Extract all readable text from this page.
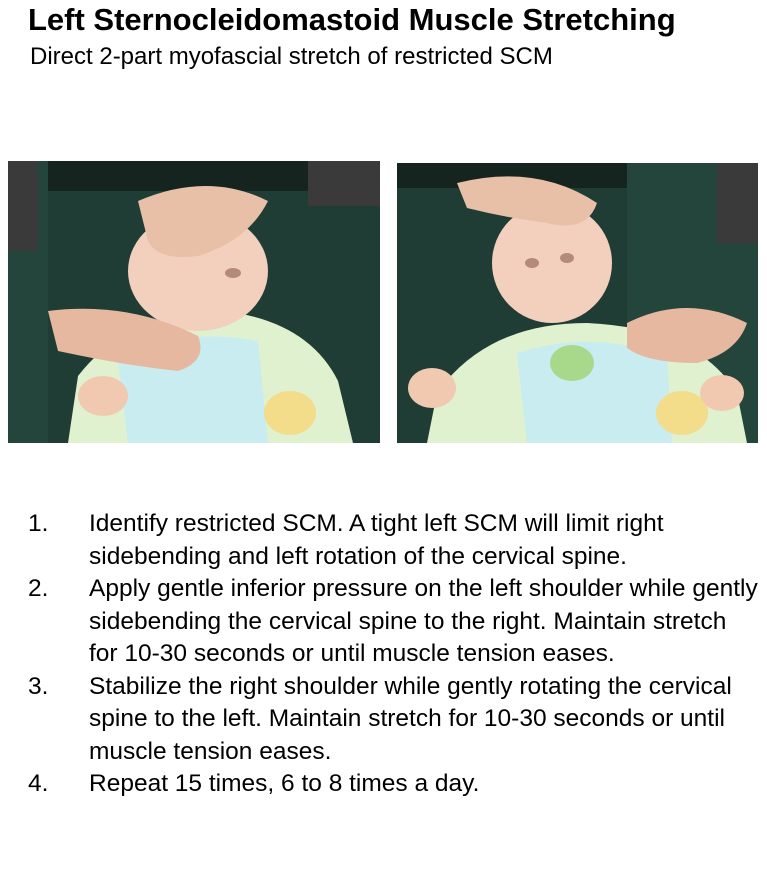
Left Sternocleidomastoid Muscle Stretching
Direct 2-part myofascial stretch of restricted SCM
1. Identify restricted SCM. A tight left SCM will limit right sidebending and left rotation of the cervical spine.
2. Apply gentle inferior pressure on the left shoulder while gently sidebending the cervical spine to the right. Maintain stretch for 10-30 seconds or until muscle tension eases.
3. Stabilize the right shoulder while gently rotating the cervical spine to the left. Maintain stretch for 10-30 seconds or until muscle tension eases.
4. Repeat 15 times, 6 to 8 times a day.
